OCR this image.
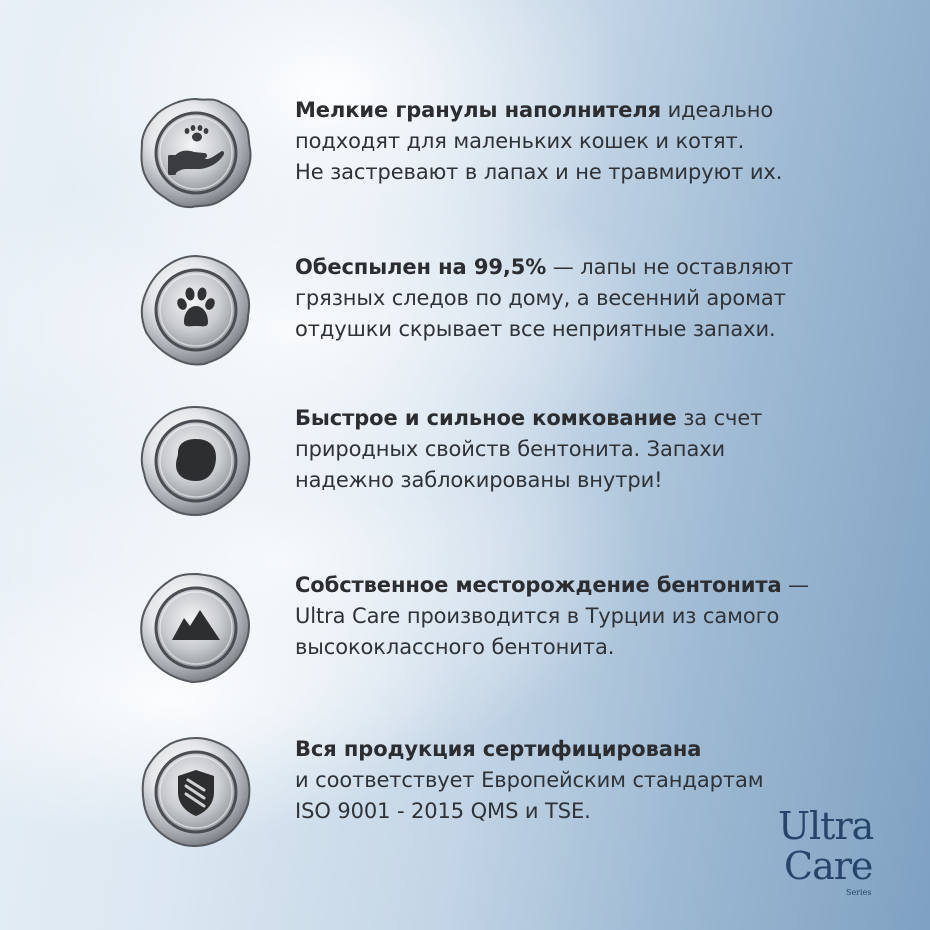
Мелкие гранулы наполнителя идеально

подходят для маленьких кошек и котят.

Не застревают в лапах и не травмируют их.

Обеспылен на 99,5% — лапы не оставляют

грязных следов по дому, а весенний аромат

отдушки скрывает все неприятные запахи.

Быстрое и сильное комкование за счет

природных свойств бентонита. Запахи

надежно заблокированы внутри!

Собственное месторождение бентонита —

Ultra Care производится в Турции из самого

высококлассного бентонита.

Вся продукция сертифицирована

и соответствует Европейским стандартам

ISO 9001 - 2015 QMS и TSE.	Ultra
Care
Series
